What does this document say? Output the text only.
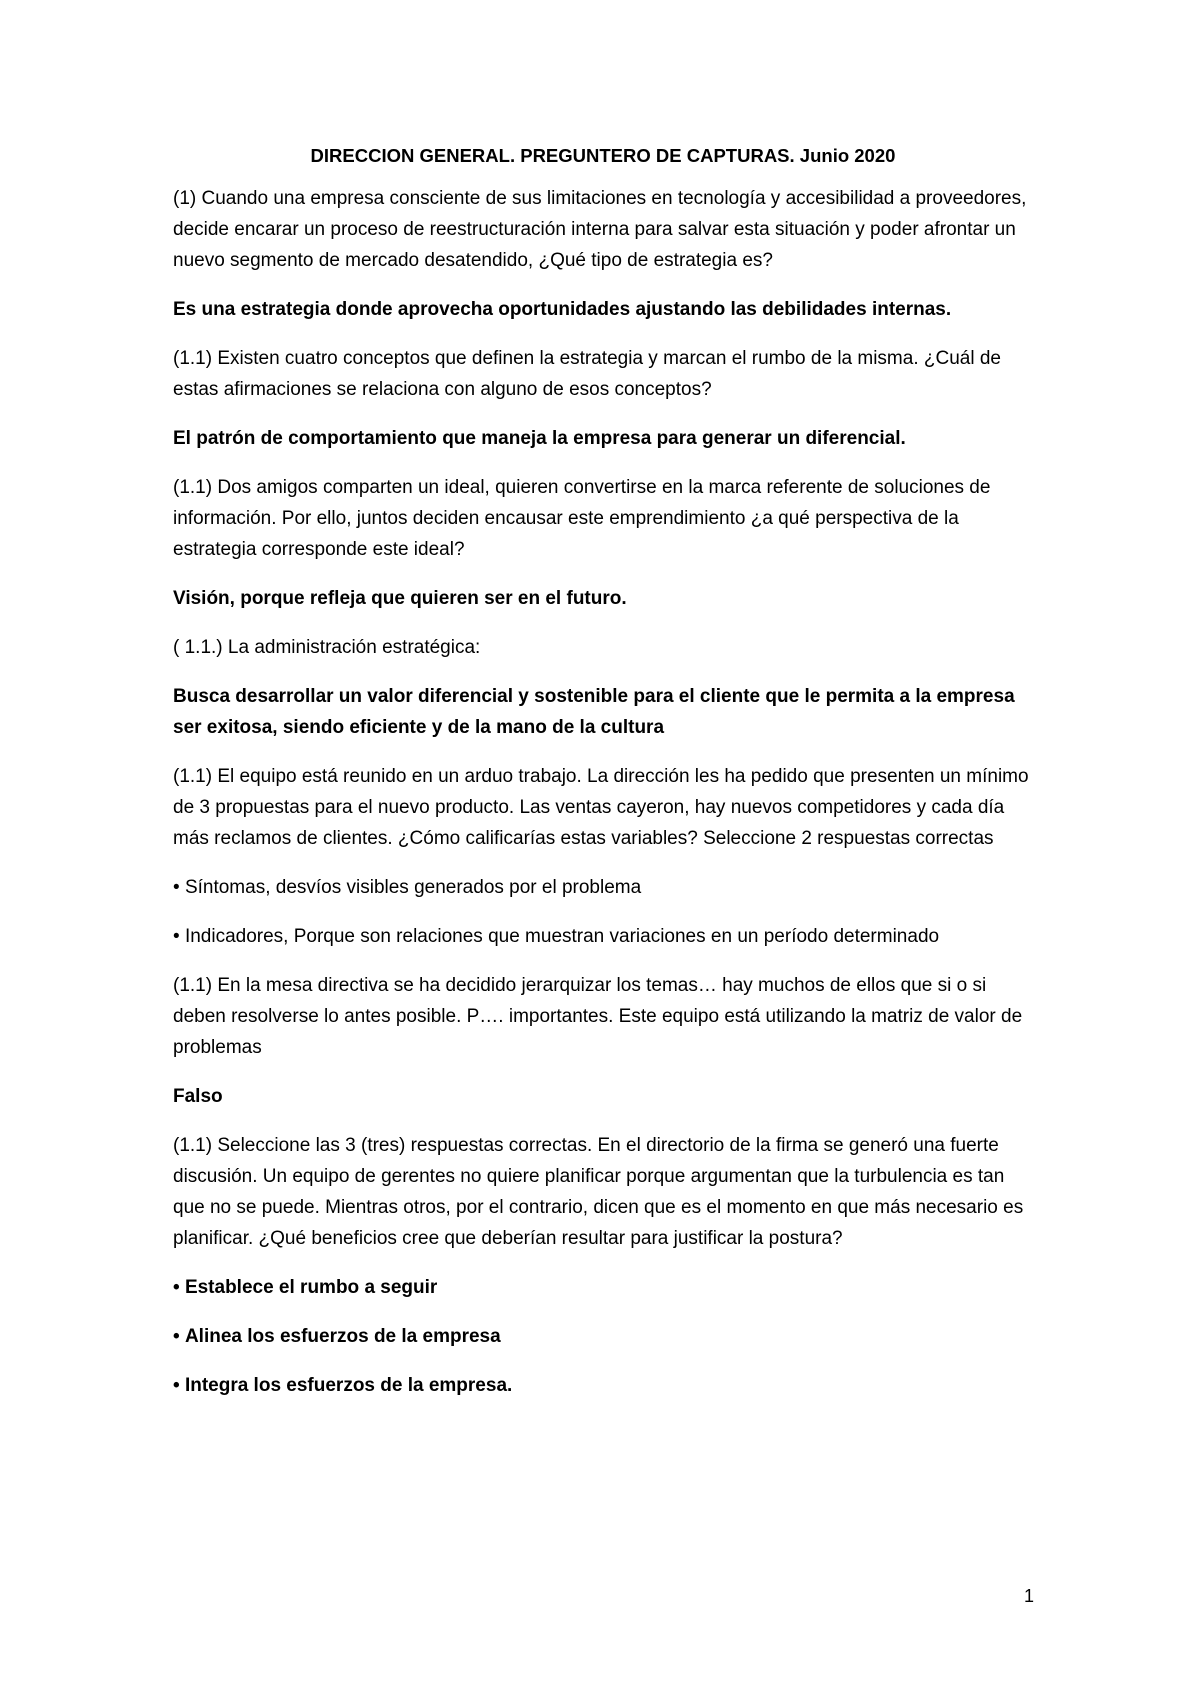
DIRECCION GENERAL. PREGUNTERO DE CAPTURAS. Junio 2020
(1) Cuando una empresa consciente de sus limitaciones en tecnología y accesibilidad a proveedores, decide encarar un proceso de reestructuración interna para salvar esta situación y poder afrontar un nuevo segmento de mercado desatendido, ¿Qué tipo de estrategia es?
Es una estrategia donde aprovecha oportunidades ajustando las debilidades internas.
(1.1) Existen cuatro conceptos que definen la estrategia y marcan el rumbo de la misma. ¿Cuál de estas afirmaciones se relaciona con alguno de esos conceptos?
El patrón de comportamiento que maneja la empresa para generar un diferencial.
(1.1) Dos amigos comparten un ideal, quieren convertirse en la marca referente de soluciones de información. Por ello, juntos deciden encausar este emprendimiento ¿a qué perspectiva de la estrategia corresponde este ideal?
Visión, porque refleja que quieren ser en el futuro.
( 1.1.) La administración estratégica:
Busca desarrollar un valor diferencial y sostenible para el cliente que le permita a la empresa ser exitosa, siendo eficiente y de la mano de la cultura
(1.1) El equipo está reunido en un arduo trabajo. La dirección les ha pedido que presenten un mínimo de 3 propuestas para el nuevo producto. Las ventas cayeron, hay nuevos competidores y cada día más reclamos de clientes. ¿Cómo calificarías estas variables? Seleccione 2 respuestas correctas
• Síntomas, desvíos visibles generados por el problema
• Indicadores, Porque son relaciones que muestran variaciones en un período determinado
(1.1) En la mesa directiva se ha decidido jerarquizar los temas… hay muchos de ellos que si o si deben resolverse lo antes posible. P…. importantes. Este equipo está utilizando la matriz de valor de problemas
Falso
(1.1) Seleccione las 3 (tres) respuestas correctas. En el directorio de la firma se generó una fuerte discusión. Un equipo de gerentes no quiere planificar porque argumentan que la turbulencia es tan que no se puede. Mientras otros, por el contrario, dicen que es el momento en que más necesario es planificar. ¿Qué beneficios cree que deberían resultar para justificar la postura?
• Establece el rumbo a seguir
• Alinea los esfuerzos de la empresa
• Integra los esfuerzos de la empresa.
1
